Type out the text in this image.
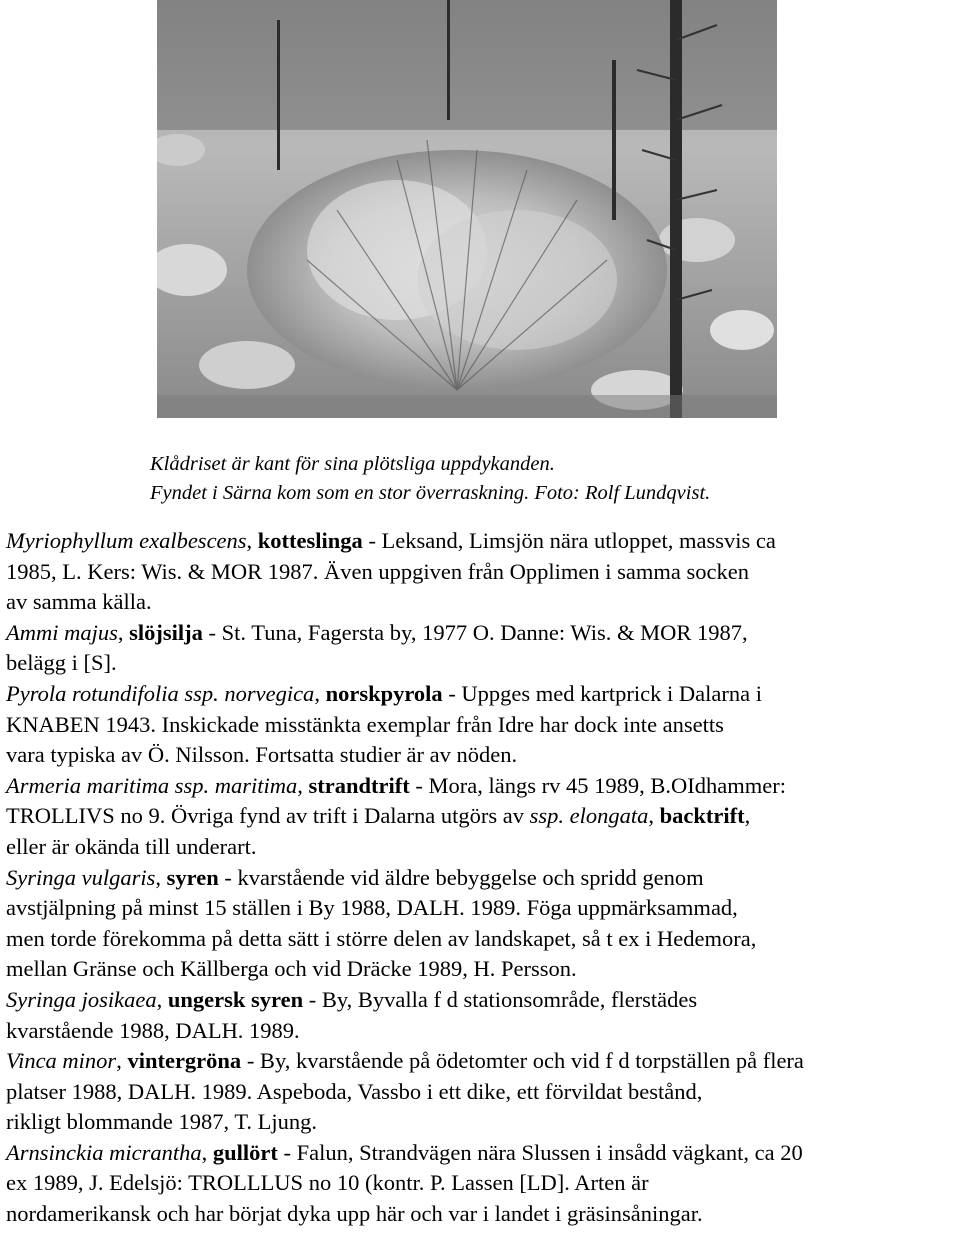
Klådriset är kant för sina plötsliga uppdykanden.
Fyndet i Särna kom som en stor överraskning. Foto: Rolf Lundqvist.
Myriophyllum exalbescens, kotteslinga - Leksand, Limsjön nära utloppet, massvis ca
1985, L. Kers: Wis. & MOR 1987. Även uppgiven från Opplimen i samma socken
av samma källa.
Ammi majus, slöjsilja - St. Tuna, Fagersta by, 1977 O. Danne: Wis. & MOR 1987,
belägg i [S].
Pyrola rotundifolia ssp. norvegica, norskpyrola - Uppges med kartprick i Dalarna i
KNABEN 1943. Inskickade misstänkta exemplar från Idre har dock inte ansetts
vara typiska av Ö. Nilsson. Fortsatta studier är av nöden.
Armeria maritima ssp. maritima, strandtrift - Mora, längs rv 45 1989, B.OIdhammer:
TROLLIVS no 9. Övriga fynd av trift i Dalarna utgörs av ssp. elongata, backtrift,
eller är okända till underart.
Syringa vulgaris, syren - kvarstående vid äldre bebyggelse och spridd genom
avstjälpning på minst 15 ställen i By 1988, DALH. 1989. Föga uppmärksammad,
men torde förekomma på detta sätt i större delen av landskapet, så t ex i Hedemora,
mellan Gränse och Källberga och vid Dräcke 1989, H. Persson.
Syringa josikaea, ungersk syren - By, Byvalla f d stationsområde, flerstädes
kvarstående 1988, DALH. 1989.
Vinca minor, vintergröna - By, kvarstående på ödetomter och vid f d torpställen på flera
platser 1988, DALH. 1989. Aspeboda, Vassbo i ett dike, ett förvildat bestånd,
rikligt blommande 1987, T. Ljung.
Arnsinckia micrantha, gullört - Falun, Strandvägen nära Slussen i insådd vägkant, ca 20
ex 1989, J. Edelsjö: TROLLLUS no 10 (kontr. P. Lassen [LD]. Arten är
nordamerikansk och har börjat dyka upp här och var i landet i gräsinsåningar.
